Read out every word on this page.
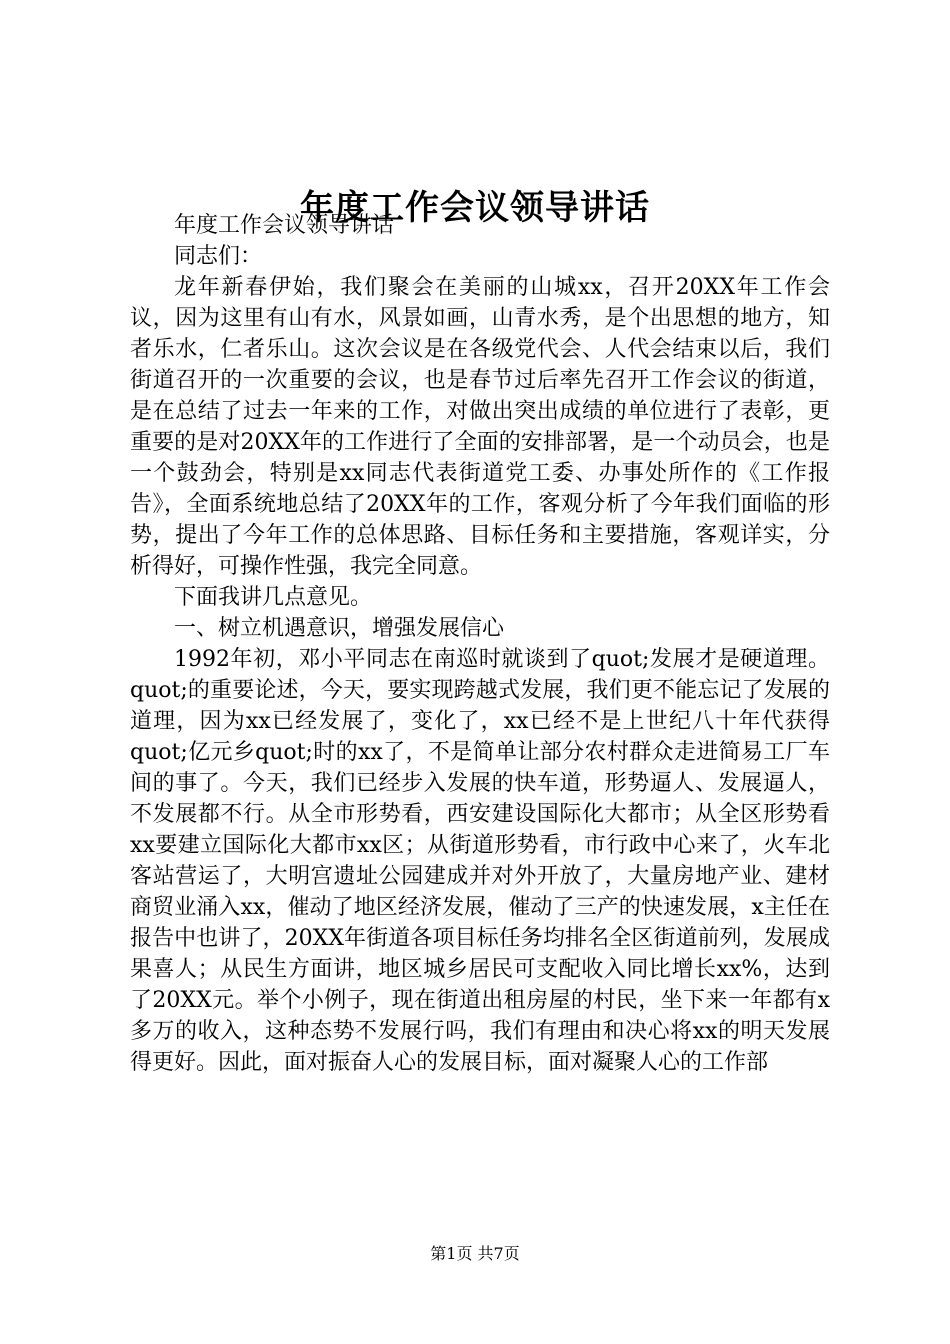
年度工作会议领导讲话

年度工作会议领导讲话

同志们：

龙年新春伊始，我们聚会在美丽的山城xx，召开20XX年工作会议，因为这里有山有水，风景如画，山青水秀，是个出思想的地方，知者乐水，仁者乐山。这次会议是在各级党代会、人代会结束以后，我们街道召开的一次重要的会议，也是春节过后率先召开工作会议的街道，是在总结了过去一年来的工作，对做出突出成绩的单位进行了表彰，更重要的是对20XX年的工作进行了全面的安排部署，是一个动员会，也是一个鼓劲会，特别是xx同志代表街道党工委、办事处所作的《工作报告》，全面系统地总结了20XX年的工作，客观分析了今年我们面临的形势，提出了今年工作的总体思路、目标任务和主要措施，客观详实，分析得好，可操作性强，我完全同意。

下面我讲几点意见。

一、树立机遇意识，增强发展信心

1992年初，邓小平同志在南巡时就谈到了quot;发展才是硬道理。quot;的重要论述，今天，要实现跨越式发展，我们更不能忘记了发展的道理，因为xx已经发展了，变化了，xx已经不是上世纪八十年代获得quot;亿元乡quot;时的xx了，不是简单让部分农村群众走进简易工厂车间的事了。今天，我们已经步入发展的快车道，形势逼人、发展逼人，不发展都不行。从全市形势看，西安建设国际化大都市；从全区形势看xx要建立国际化大都市xx区；从街道形势看，市行政中心来了，火车北客站营运了，大明宫遗址公园建成并对外开放了，大量房地产业、建材商贸业涌入xx，催动了地区经济发展，催动了三产的快速发展，x主任在报告中也讲了，20XX年街道各项目标任务均排名全区街道前列，发展成果喜人；从民生方面讲，地区城乡居民可支配收入同比增长xx%，达到了20XX元。举个小例子，现在街道出租房屋的村民，坐下来一年都有x多万的收入，这种态势不发展行吗，我们有理由和决心将xx的明天发展得更好。因此，面对振奋人心的发展目标，面对凝聚人心的工作部

第1页 共7页
